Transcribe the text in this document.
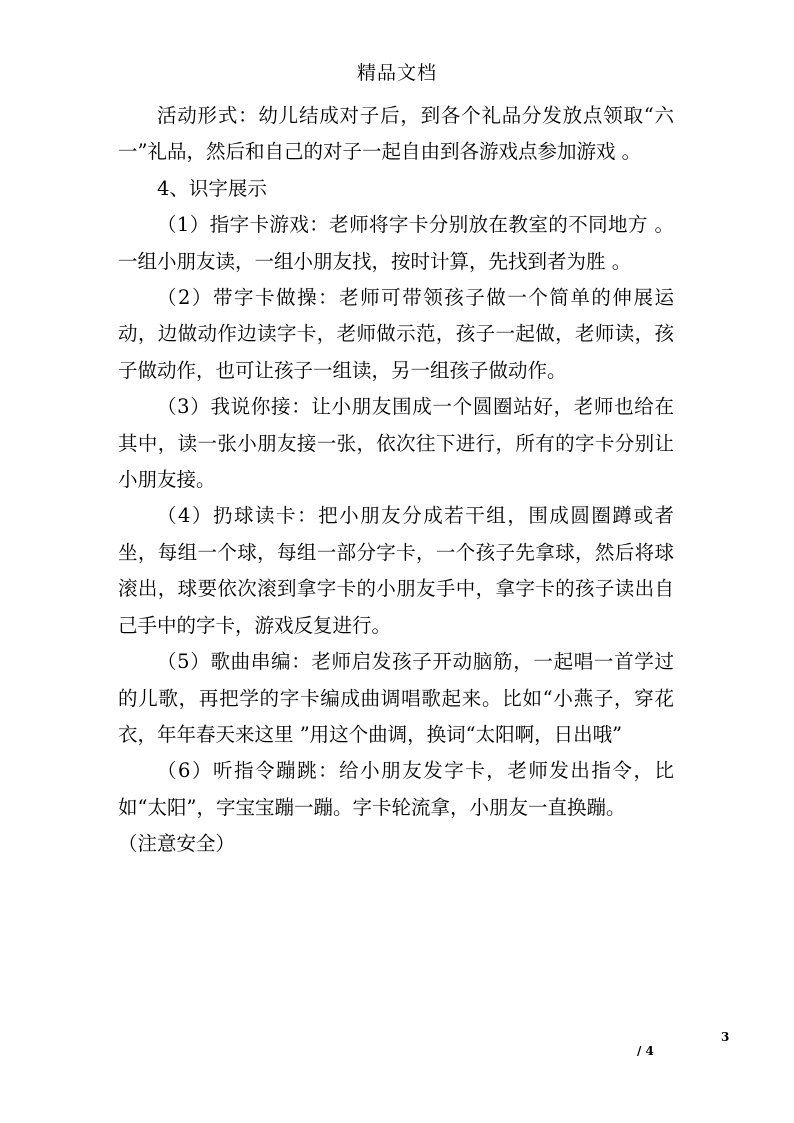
精品文档

活动形式：幼儿结成对子后，到各个礼品分发放点领取“六一”礼品，然后和自己的对子一起自由到各游戏点参加游戏 。

4、识字展示

（1）指字卡游戏：老师将字卡分别放在教室的不同地方 。一组小朋友读，一组小朋友找，按时计算，先找到者为胜 。

（2）带字卡做操：老师可带领孩子做一个简单的伸展运动，边做动作边读字卡，老师做示范，孩子一起做，老师读，孩子做动作，也可让孩子一组读，另一组孩子做动作。

（3）我说你接：让小朋友围成一个圆圈站好，老师也给在其中，读一张小朋友接一张，依次往下进行，所有的字卡分别让小朋友接。

（4）扔球读卡：把小朋友分成若干组，围成圆圈蹲或者坐，每组一个球，每组一部分字卡，一个孩子先拿球，然后将球滚出，球要依次滚到拿字卡的小朋友手中，拿字卡的孩子读出自己手中的字卡，游戏反复进行。

（5）歌曲串编：老师启发孩子开动脑筋，一起唱一首学过的儿歌，再把学的字卡编成曲调唱歌起来。比如“小燕子，穿花衣，年年春天来这里 ”用这个曲调，换词“太阳啊，日出哦”

（6）听指令蹦跳：给小朋友发字卡，老师发出指令，比如“太阳”，字宝宝蹦一蹦。字卡轮流拿，小朋友一直换蹦。

（注意安全）

3
/ 4
